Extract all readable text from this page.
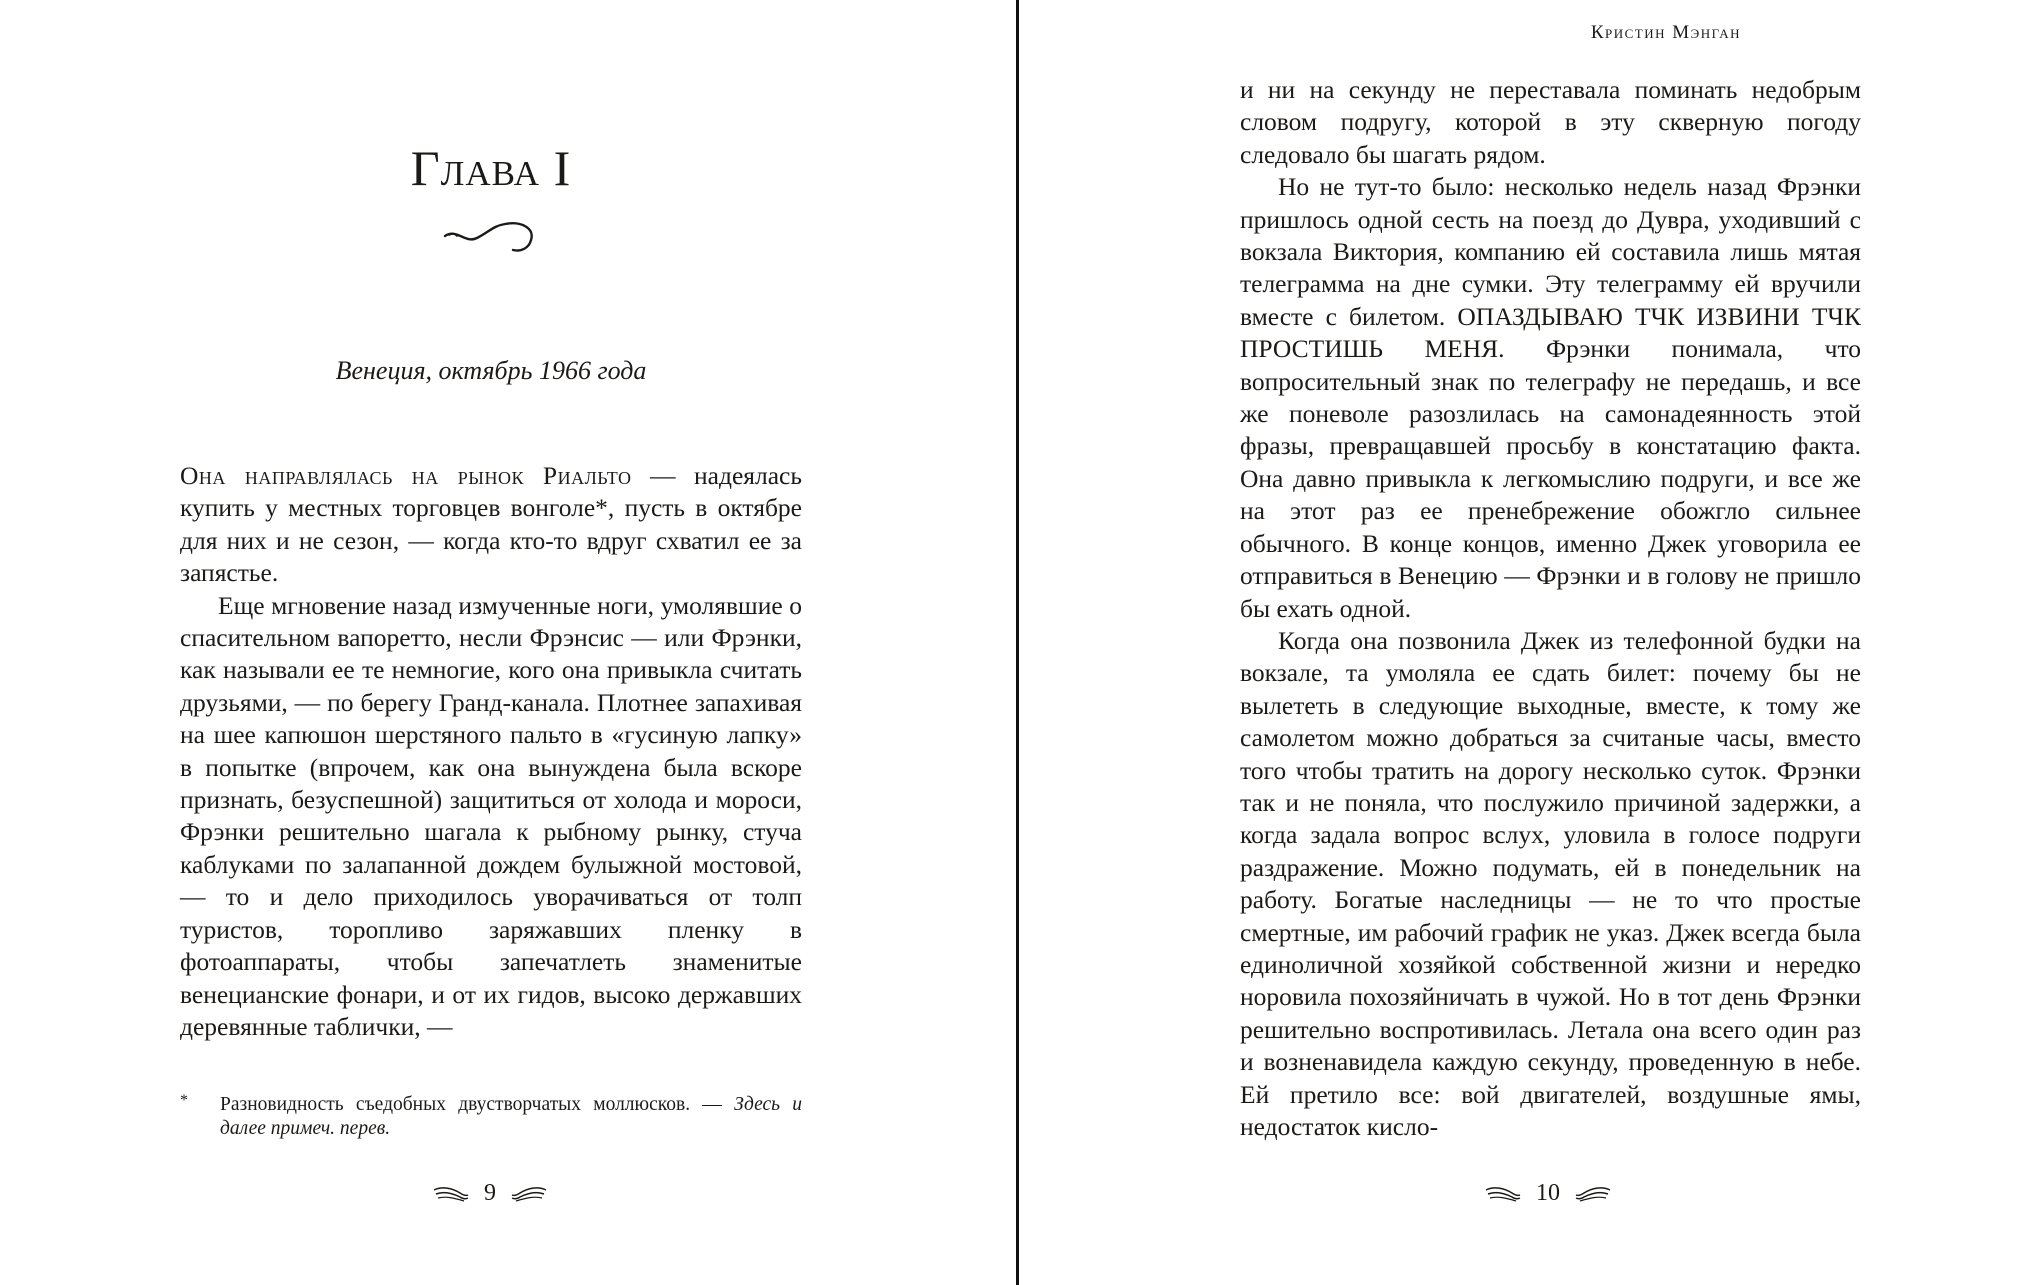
Глава I
Венеция, октябрь 1966 года

Она направлялась на рынок Риальто — надеялась купить у местных торговцев вонголе*, пусть в октябре для них и не сезон, — когда кто-то вдруг схватил ее за запястье.

Еще мгновение назад измученные ноги, умолявшие о спасительном вапоретто, несли Фрэнсис — или Фрэнки, как называли ее те немногие, кого она привыкла считать друзьями, — по берегу Гранд-канала. Плотнее запахивая на шее капюшон шерстяного пальто в «гусиную лапку» в попытке (впрочем, как она вынуждена была вскоре признать, безуспешной) защититься от холода и мороси, Фрэнки решительно шагала к рыбному рынку, стуча каблуками по залапанной дождем булыжной мостовой, — то и дело приходилось уворачиваться от толп туристов, торопливо заряжавших пленку в фотоаппараты, чтобы запечатлеть знаменитые венецианские фонари, и от их гидов, высоко державших деревянные таблички, —

* Разновидность съедобных двустворчатых моллюсков. — Здесь и далее примеч. перев.
9
Кристин Мэнган

и ни на секунду не переставала поминать недобрым словом подругу, которой в эту скверную погоду следовало бы шагать рядом.

Но не тут-то было: несколько недель назад Фрэнки пришлось одной сесть на поезд до Дувра, уходивший с вокзала Виктория, компанию ей составила лишь мятая телеграмма на дне сумки. Эту телеграмму ей вручили вместе с билетом. ОПАЗДЫВАЮ ТЧК ИЗВИНИ ТЧК ПРОСТИШЬ МЕНЯ. Фрэнки понимала, что вопросительный знак по телеграфу не передашь, и все же поневоле разозлилась на самонадеянность этой фразы, превращавшей просьбу в констатацию факта. Она давно привыкла к легкомыслию подруги, и все же на этот раз ее пренебрежение обожгло сильнее обычного. В конце концов, именно Джек уговорила ее отправиться в Венецию — Фрэнки и в голову не пришло бы ехать одной.

Когда она позвонила Джек из телефонной будки на вокзале, та умоляла ее сдать билет: почему бы не вылететь в следующие выходные, вместе, к тому же самолетом можно добраться за считаные часы, вместо того чтобы тратить на дорогу несколько суток. Фрэнки так и не поняла, что послужило причиной задержки, а когда задала вопрос вслух, уловила в голосе подруги раздражение. Можно подумать, ей в понедельник на работу. Богатые наследницы — не то что простые смертные, им рабочий график не указ. Джек всегда была единоличной хозяйкой собственной жизни и нередко норовила похозяйничать в чужой. Но в тот день Фрэнки решительно воспротивилась. Летала она всего один раз и возненавидела каждую секунду, проведенную в небе. Ей претило все: вой двигателей, воздушные ямы, недостаток кисло-

10
